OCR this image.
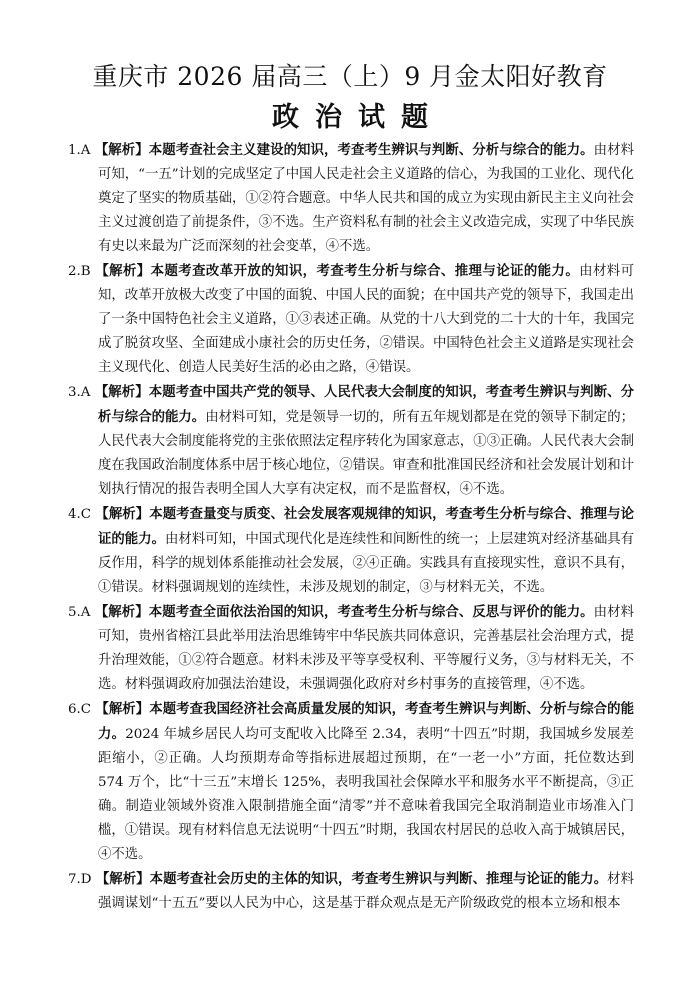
重庆市 2026 届高三（上）9 月金太阳好教育
政治试题
1.A 【解析】本题考查社会主义建设的知识，考查考生辨识与判断、分析与综合的能力。由材料可知，“一五”计划的完成坚定了中国人民走社会主义道路的信心，为我国的工业化、现代化奠定了坚实的物质基础，①②符合题意。中华人民共和国的成立为实现由新民主主义向社会主义过渡创造了前提条件，③不选。生产资料私有制的社会主义改造完成，实现了中华民族有史以来最为广泛而深刻的社会变革，④不选。
2.B 【解析】本题考查改革开放的知识，考查考生分析与综合、推理与论证的能力。由材料可知，改革开放极大改变了中国的面貌、中国人民的面貌；在中国共产党的领导下，我国走出了一条中国特色社会主义道路，①③表述正确。从党的十八大到党的二十大的十年，我国完成了脱贫攻坚、全面建成小康社会的历史任务，②错误。中国特色社会主义道路是实现社会主义现代化、创造人民美好生活的必由之路，④错误。
3.A 【解析】本题考查中国共产党的领导、人民代表大会制度的知识，考查考生辨识与判断、分析与综合的能力。由材料可知，党是领导一切的，所有五年规划都是在党的领导下制定的；人民代表大会制度能将党的主张依照法定程序转化为国家意志，①③正确。人民代表大会制度在我国政治制度体系中居于核心地位，②错误。审查和批准国民经济和社会发展计划和计划执行情况的报告表明全国人大享有决定权，而不是监督权，④不选。
4.C 【解析】本题考查量变与质变、社会发展客观规律的知识，考查考生分析与综合、推理与论证的能力。由材料可知，中国式现代化是连续性和间断性的统一；上层建筑对经济基础具有反作用，科学的规划体系能推动社会发展，②④正确。实践具有直接现实性，意识不具有，①错误。材料强调规划的连续性，未涉及规划的制定，③与材料无关，不选。
5.A 【解析】本题考查全面依法治国的知识，考查考生分析与综合、反思与评价的能力。由材料可知，贵州省榕江县此举用法治思维铸牢中华民族共同体意识，完善基层社会治理方式，提升治理效能，①②符合题意。材料未涉及平等享受权利、平等履行义务，③与材料无关，不选。材料强调政府加强法治建设，未强调强化政府对乡村事务的直接管理，④不选。
6.C 【解析】本题考查我国经济社会高质量发展的知识，考查考生辨识与判断、分析与综合的能力。2024 年城乡居民人均可支配收入比降至 2.34，表明“十四五”时期，我国城乡发展差距缩小，②正确。人均预期寿命等指标进展超过预期，在“一老一小”方面，托位数达到 574 万个，比“十三五”末增长 125%，表明我国社会保障水平和服务水平不断提高，③正确。制造业领域外资准入限制措施全面“清零”并不意味着我国完全取消制造业市场准入门槛，①错误。现有材料信息无法说明“十四五”时期，我国农村居民的总收入高于城镇居民，④不选。
7.D 【解析】本题考查社会历史的主体的知识，考查考生辨识与判断、推理与论证的能力。材料强调谋划“十五五”要以人民为中心，这是基于群众观点是无产阶级政党的根本立场和根本
